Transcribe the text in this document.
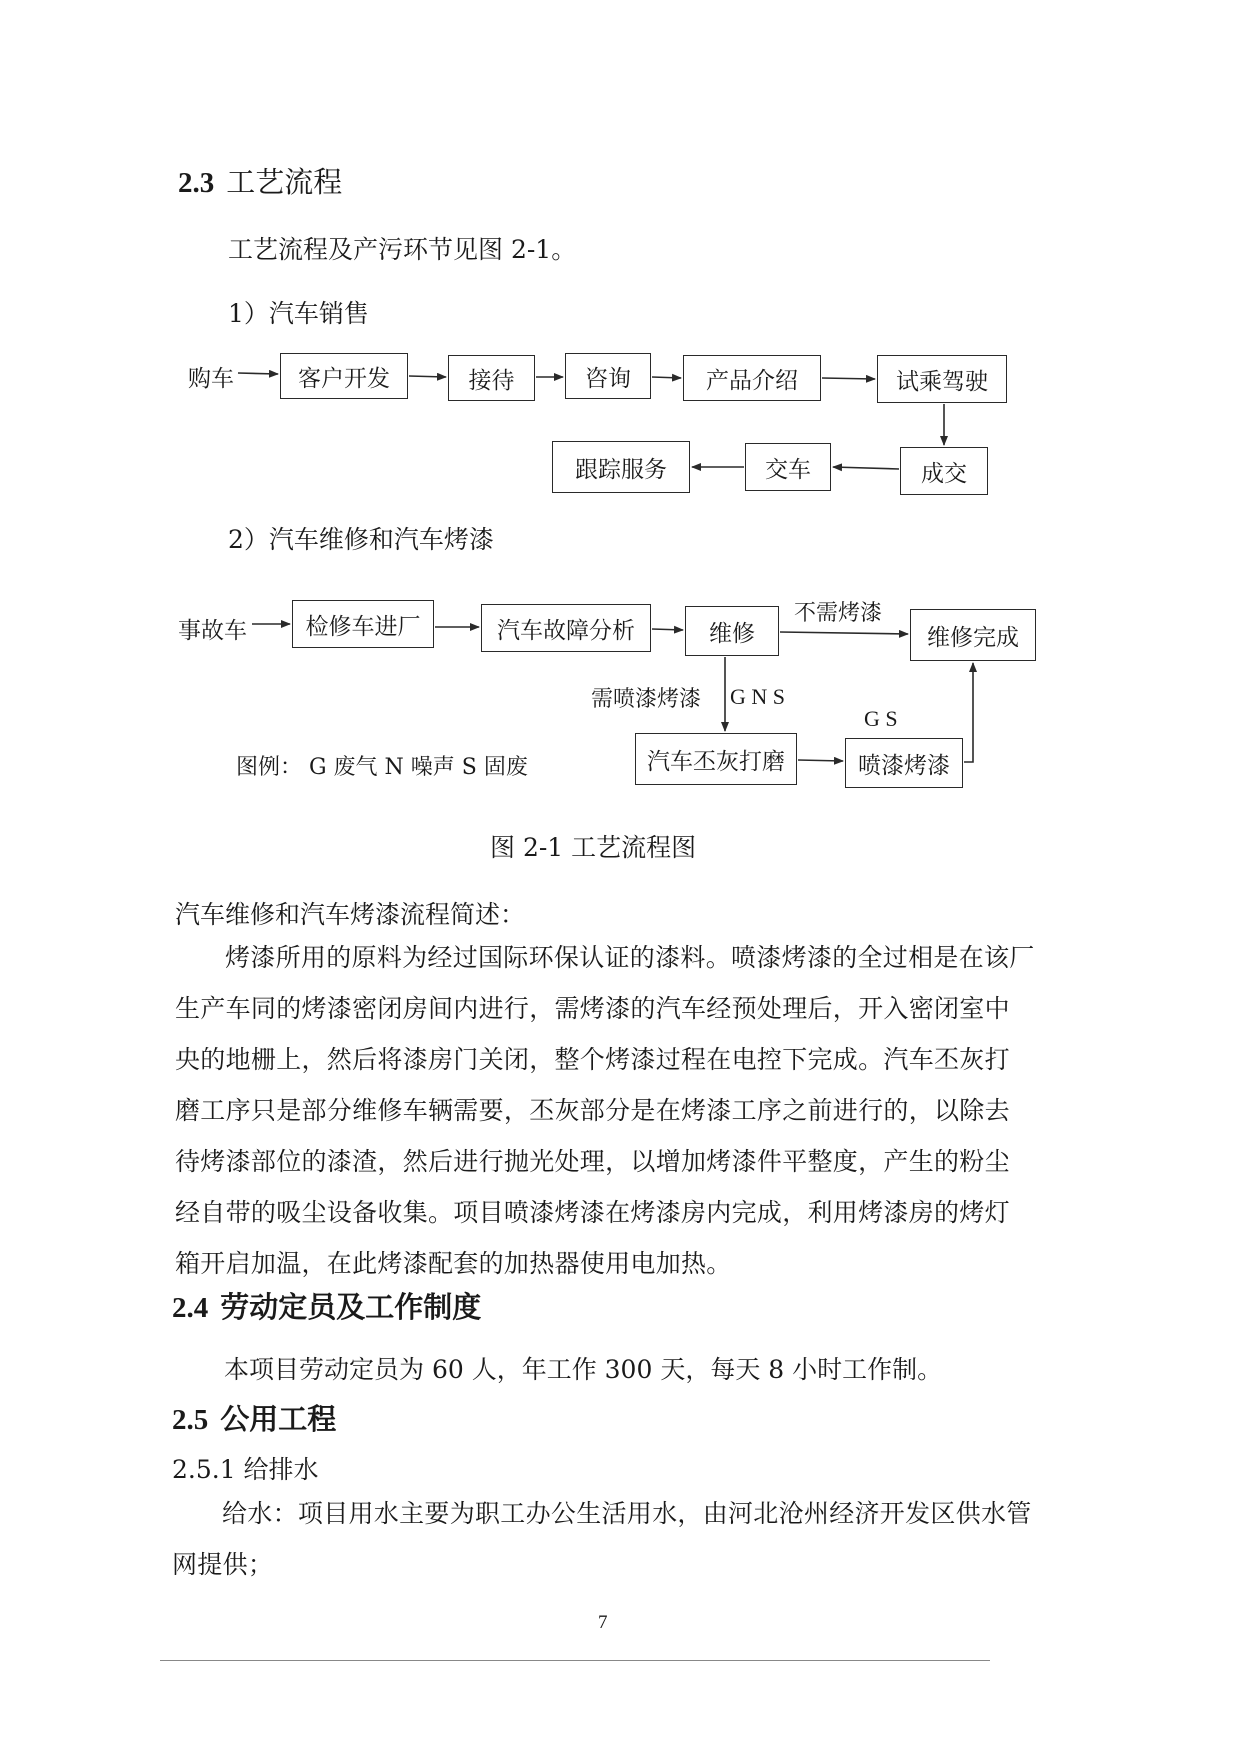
2.3 工艺流程
工艺流程及产污环节见图 2-1。
1）汽车销售
购车	客户开发	接待	咨询	产品介绍	试乘驾驶
成交
交车
跟踪服务
2）汽车维修和汽车烤漆
事故车	检修车进厂	汽车故障分析	维修	维修完成
汽车丕灰打磨	喷漆烤漆
不需烤漆
需喷漆烤漆 G N S
G S
图例： G 废气 N 噪声 S 固废
图 2-1 工艺流程图
汽车维修和汽车烤漆流程简述：
烤漆所用的原料为经过国际环保认证的漆料。喷漆烤漆的全过相是在该厂生产车同的烤漆密闭房间内进行，需烤漆的汽车经预处理后，开入密闭室中央的地栅上，然后将漆房门关闭，整个烤漆过程在电控下完成。汽车丕灰打磨工序只是部分维修车辆需要，丕灰部分是在烤漆工序之前进行的，以除去待烤漆部位的漆渣，然后进行抛光处理，以增加烤漆件平整度，产生的粉尘经自带的吸尘设备收集。项目喷漆烤漆在烤漆房内完成，利用烤漆房的烤灯箱开启加温，在此烤漆配套的加热器使用电加热。
2.4 劳动定员及工作制度
本项目劳动定员为 60 人，年工作 300 天，每天 8 小时工作制。
2.5 公用工程
2.5.1 给排水
给水：项目用水主要为职工办公生活用水，由河北沧州经济开发区供水管网提供；
7
